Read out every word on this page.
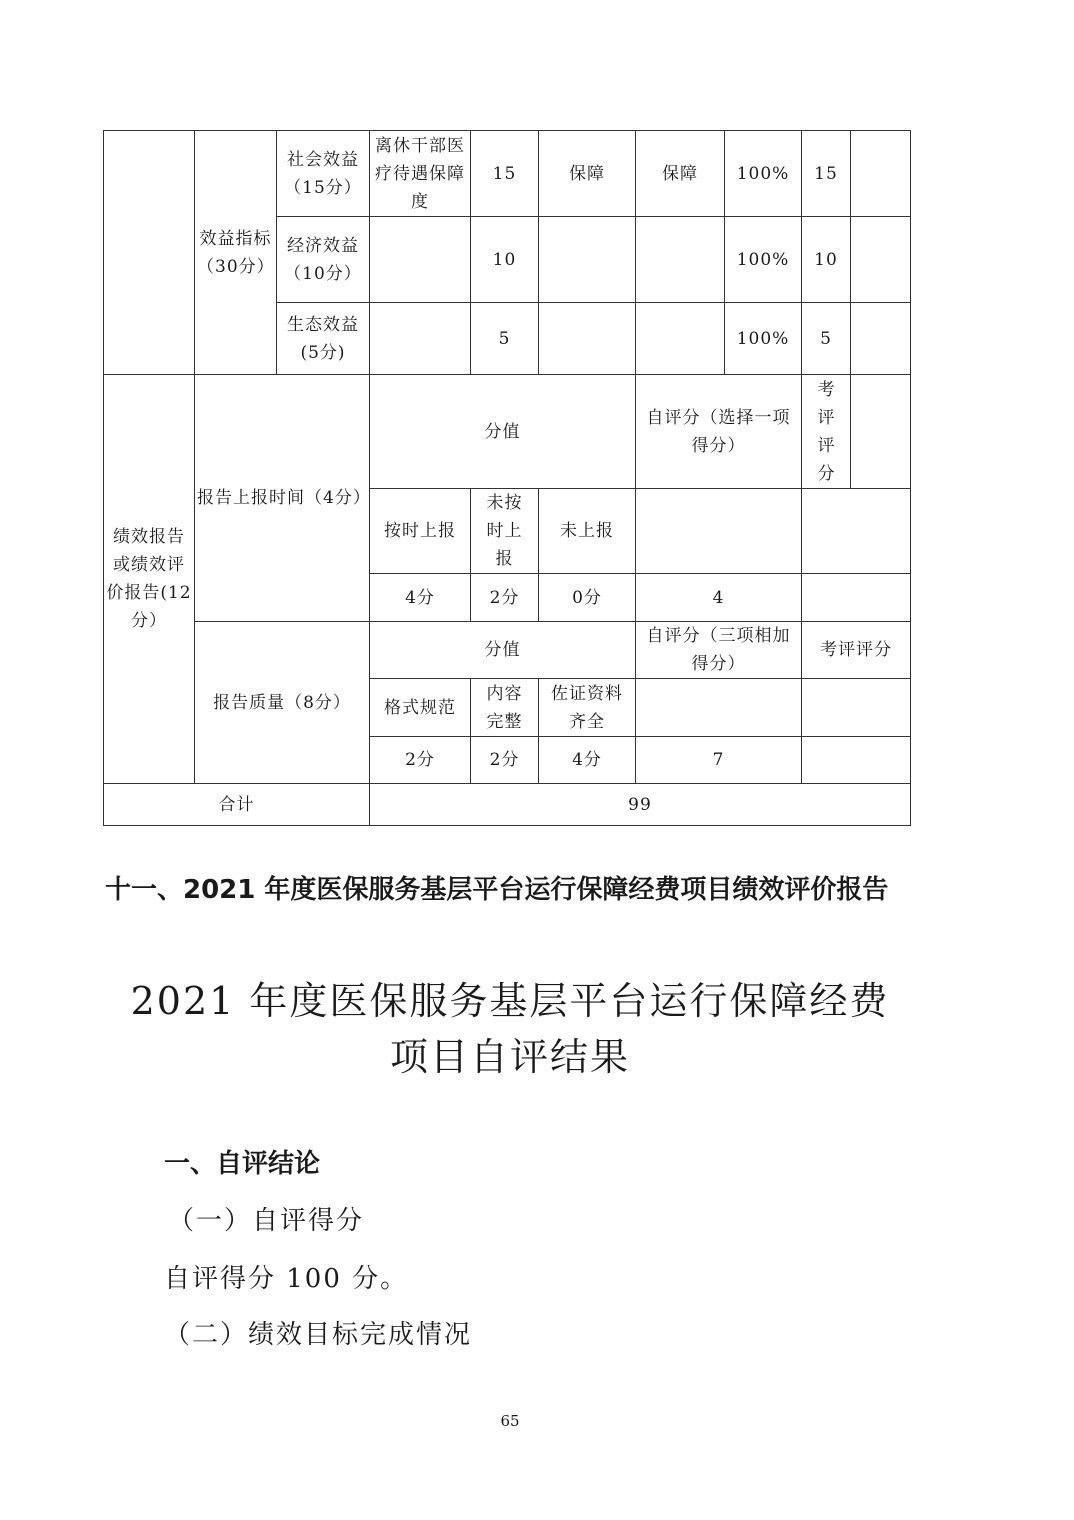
	效益指标（30分）	社会效益（15分）	离休干部医疗待遇保障度	15	保障	保障	100%	15	
		经济效益（10分）		10			100%	10	
		生态效益(5分)		5			100%	5	
绩效报告或绩效评价报告(12分）	报告上报时间（4分）		分值			自评分（选择一项得分）		考评评分	
			按时上报	未按时上报	未上报				
			4分	2分	0分	4			
	报告质量（8分）		分值			自评分（三项相加得分）		考评评分	
			格式规范	内容完整	佐证资料齐全				
			2分	2分	4分	7			
合计			99						
十一、2021 年度医保服务基层平台运行保障经费项目绩效评价报告
2021 年度医保服务基层平台运行保障经费
项目自评结果
一、自评结论
（一）自评得分
自评得分 100 分。
（二）绩效目标完成情况
65
